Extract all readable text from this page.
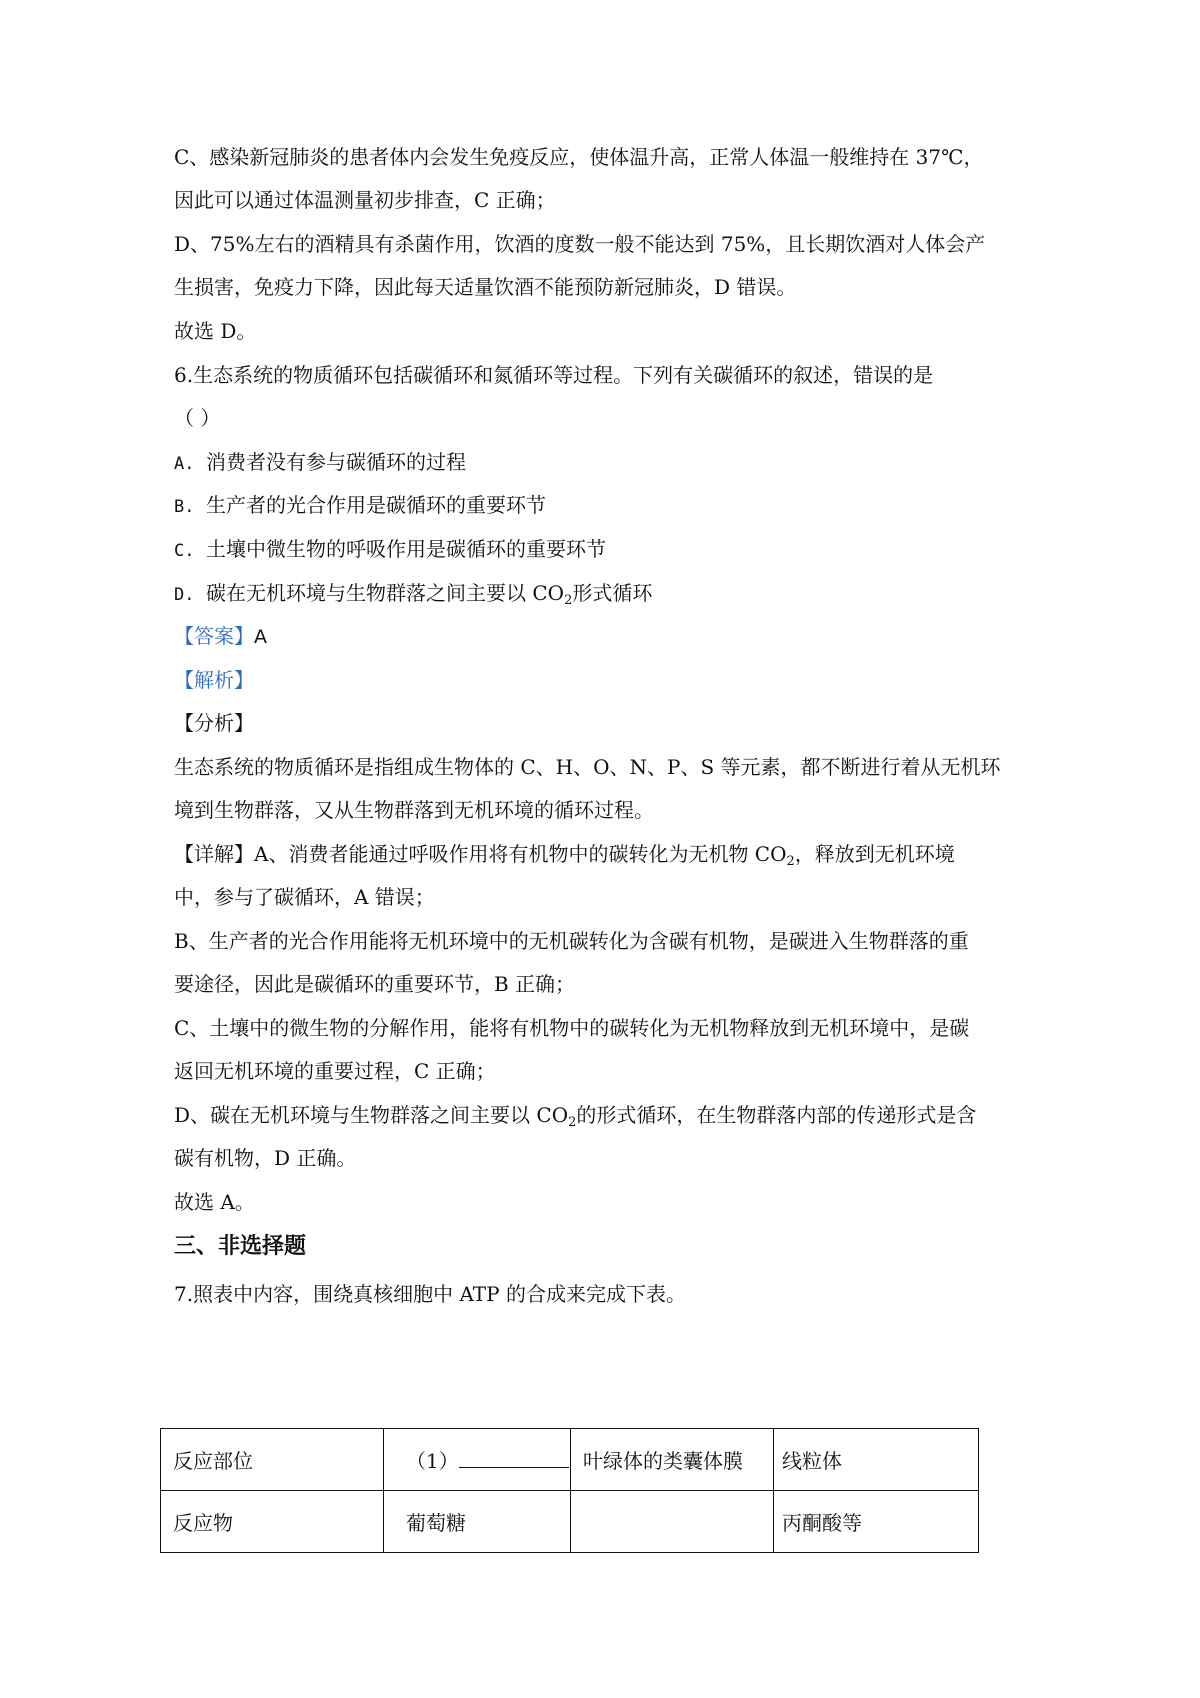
C、感染新冠肺炎的患者体内会发生免疫反应，使体温升高，正常人体温一般维持在 37℃，
因此可以通过体温测量初步排查，C 正确；
D、75%左右的酒精具有杀菌作用，饮酒的度数一般不能达到 75%，且长期饮酒对人体会产
生损害，免疫力下降，因此每天适量饮酒不能预防新冠肺炎，D 错误。
故选 D。
6.生态系统的物质循环包括碳循环和氮循环等过程。下列有关碳循环的叙述，错误的是
（ ）
A. 消费者没有参与碳循环的过程
B. 生产者的光合作用是碳循环的重要环节
C. 土壤中微生物的呼吸作用是碳循环的重要环节
D. 碳在无机环境与生物群落之间主要以 $CO_2$形式循环
【答案】A
【解析】
【分析】
生态系统的物质循环是指组成生物体的 C、H、O、N、P、S 等元素，都不断进行着从无机环
境到生物群落，又从生物群落到无机环境的循环过程。
【详解】A、消费者能通过呼吸作用将有机物中的碳转化为无机物 $CO_2$，释放到无机环境
中，参与了碳循环，A 错误；
B、生产者的光合作用能将无机环境中的无机碳转化为含碳有机物，是碳进入生物群落的重
要途径，因此是碳循环的重要环节，B 正确；
C、土壤中的微生物的分解作用，能将有机物中的碳转化为无机物释放到无机环境中，是碳
返回无机环境的重要过程，C 正确；
D、碳在无机环境与生物群落之间主要以 $CO_2$的形式循环，在生物群落内部的传递形式是含
碳有机物，D 正确。
故选 A。
三、非选择题
7.照表中内容，围绕真核细胞中 ATP 的合成来完成下表。
反应部位	（1）	叶绿体的类囊体膜	线粒体
反应物	葡萄糖		丙酮酸等
